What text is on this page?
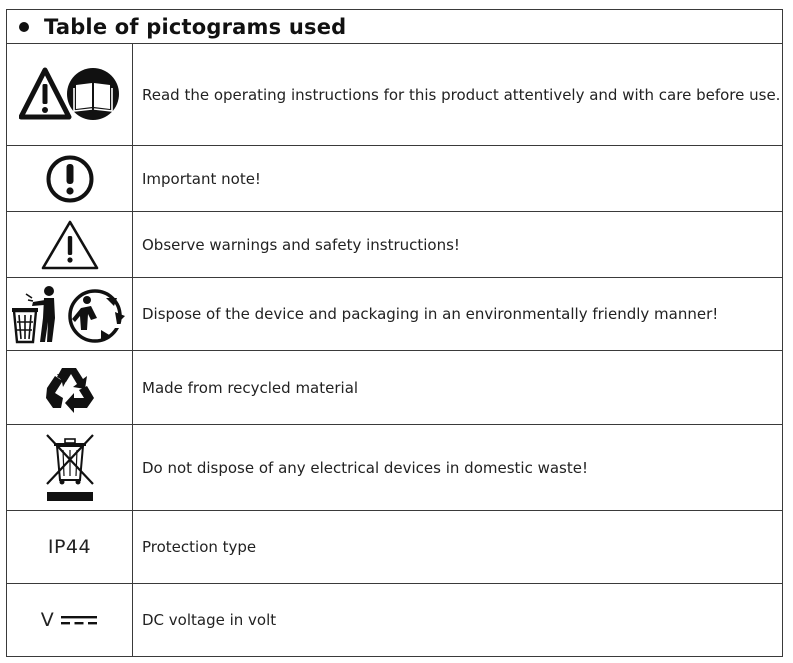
Table of pictograms used
Read the operating instructions for this product attentively and with care before use.
Important note!
Observe warnings and safety instructions!
Dispose of the device and packaging in an environmentally friendly manner!
Made from recycled material
Do not dispose of any electrical devices in domestic waste!
IP44	Protection type
V	DC voltage in volt
